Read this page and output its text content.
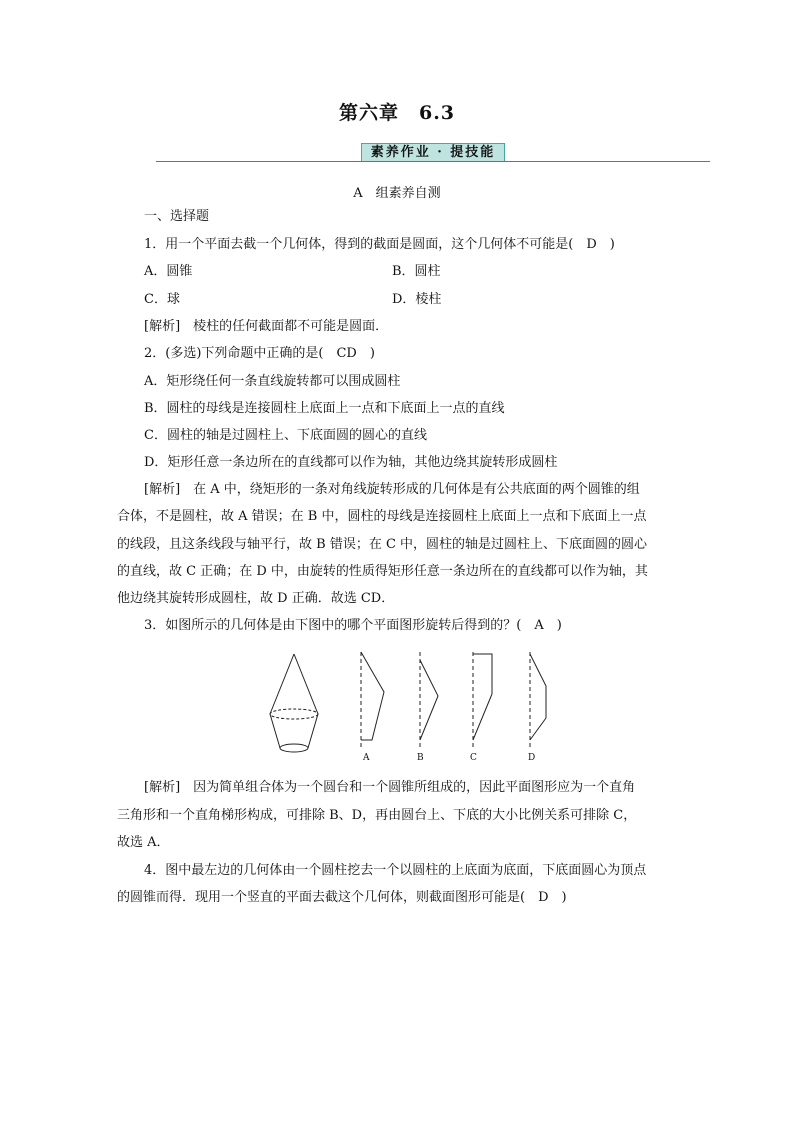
第六章　6.3
素养作业 · 提技能
A　组素养自测
一、选择题
1．用一个平面去截一个几何体，得到的截面是圆面，这个几何体不可能是(　D　)
A．圆锥	B．圆柱
C．球	D．棱柱
[解析]　棱柱的任何截面都不可能是圆面．
2．(多选)下列命题中正确的是(　CD　)
A．矩形绕任何一条直线旋转都可以围成圆柱
B．圆柱的母线是连接圆柱上底面上一点和下底面上一点的直线
C．圆柱的轴是过圆柱上、下底面圆的圆心的直线
D．矩形任意一条边所在的直线都可以作为轴，其他边绕其旋转形成圆柱
[解析]　在 A 中，绕矩形的一条对角线旋转形成的几何体是有公共底面的两个圆锥的组
合体，不是圆柱，故 A 错误；在 B 中，圆柱的母线是连接圆柱上底面上一点和下底面上一点
的线段，且这条线段与轴平行，故 B 错误；在 C 中，圆柱的轴是过圆柱上、下底面圆的圆心
的直线，故 C 正确；在 D 中，由旋转的性质得矩形任意一条边所在的直线都可以作为轴，其
他边绕其旋转形成圆柱，故 D 正确．故选 CD．
3．如图所示的几何体是由下图中的哪个平面图形旋转后得到的？(　A　)
A	B	C	D
[解析]　因为简单组合体为一个圆台和一个圆锥所组成的，因此平面图形应为一个直角
三角形和一个直角梯形构成，可排除 B、D，再由圆台上、下底的大小比例关系可排除 C，
故选 A．
4．图中最左边的几何体由一个圆柱挖去一个以圆柱的上底面为底面，下底面圆心为顶点
的圆锥而得．现用一个竖直的平面去截这个几何体，则截面图形可能是(　D　)
